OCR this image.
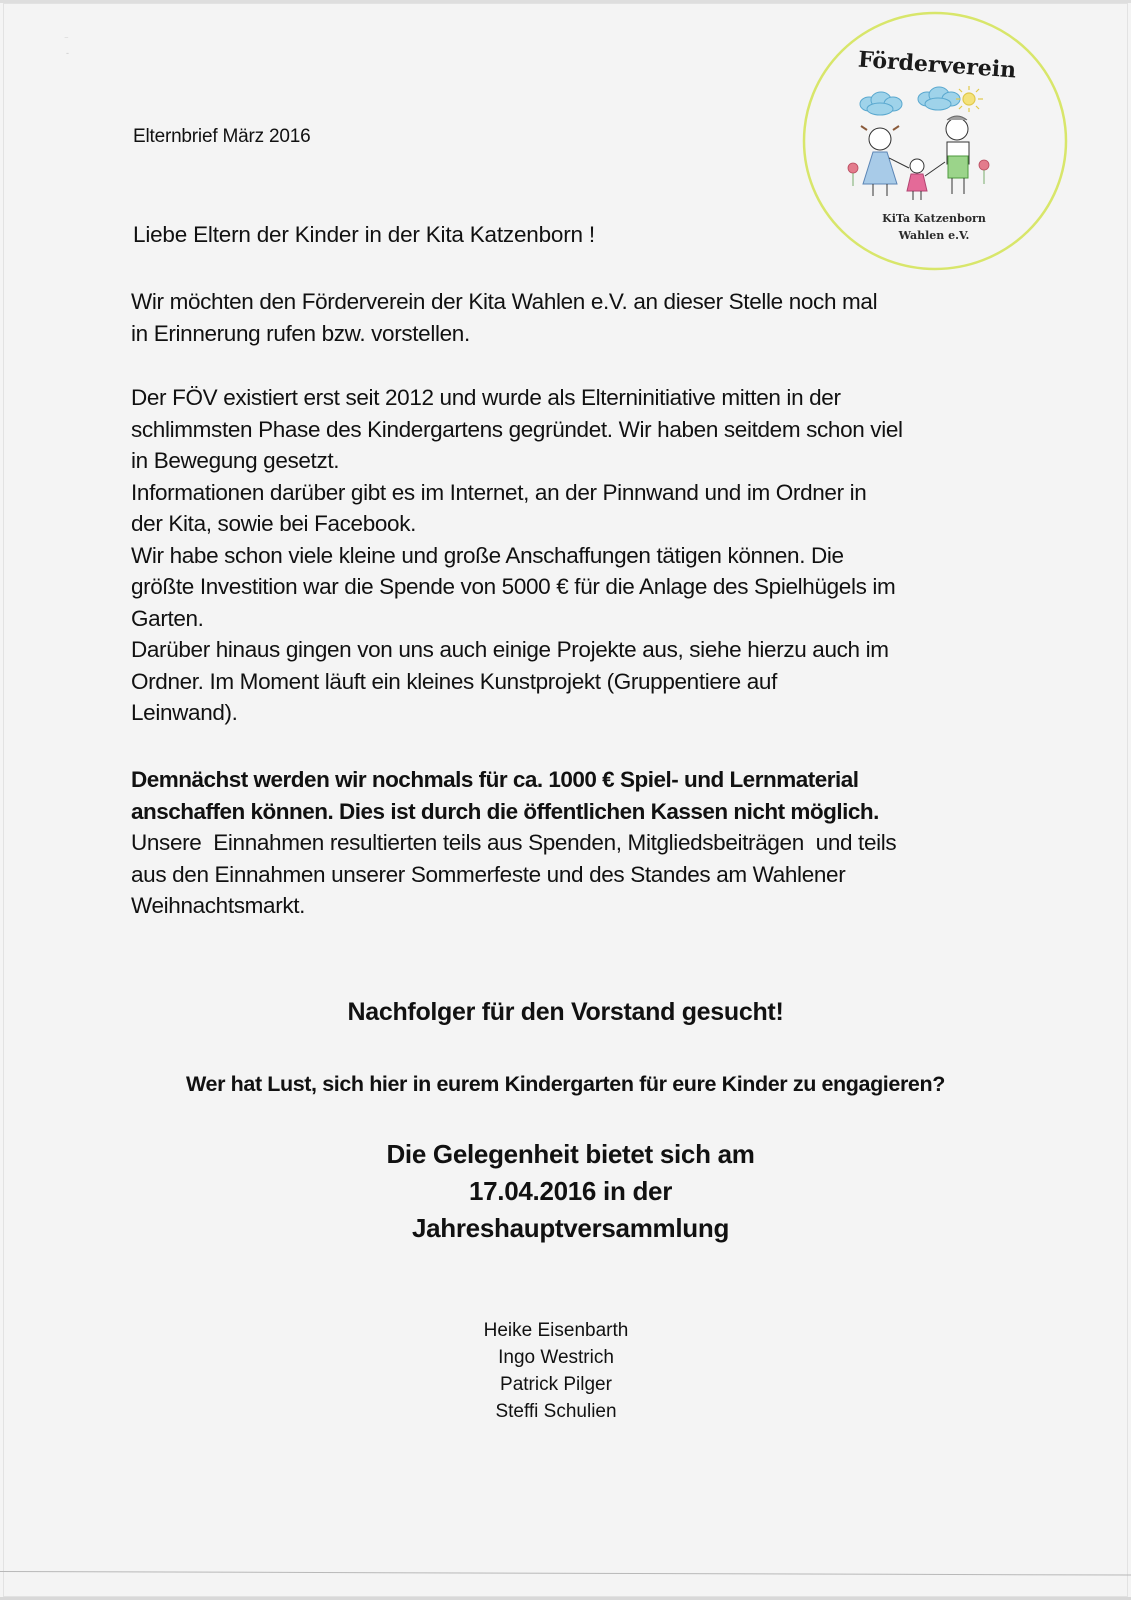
Förderverein
KiTa Katzenborn
Wahlen e.V.
Elternbrief März 2016
Liebe Eltern der Kinder in der Kita Katzenborn !
Wir möchten den Förderverein der Kita Wahlen e.V. an dieser Stelle noch mal
in Erinnerung rufen bzw. vorstellen.
Der FÖV existiert erst seit 2012 und wurde als Elterninitiative mitten in der
schlimmsten Phase des Kindergartens gegründet. Wir haben seitdem schon viel
in Bewegung gesetzt.
Informationen darüber gibt es im Internet, an der Pinnwand und im Ordner in
der Kita, sowie bei Facebook.
Wir habe schon viele kleine und große Anschaffungen tätigen können. Die
größte Investition war die Spende von 5000 € für die Anlage des Spielhügels im
Garten.
Darüber hinaus gingen von uns auch einige Projekte aus, siehe hierzu auch im
Ordner. Im Moment läuft ein kleines Kunstprojekt (Gruppentiere auf
Leinwand).
Demnächst werden wir nochmals für ca. 1000 € Spiel- und Lernmaterial
anschaffen können. Dies ist durch die öffentlichen Kassen nicht möglich.
Unsere  Einnahmen resultierten teils aus Spenden, Mitgliedsbeiträgen  und teils
aus den Einnahmen unserer Sommerfeste und des Standes am Wahlener
Weihnachtsmarkt.
Nachfolger für den Vorstand gesucht!
Wer hat Lust, sich hier in eurem Kindergarten für eure Kinder zu engagieren?
Die Gelegenheit bietet sich am
17.04.2016 in der
Jahreshauptversammlung
Heike Eisenbarth
Ingo Westrich
Patrick Pilger
Steffi Schulien
⁻
‐
